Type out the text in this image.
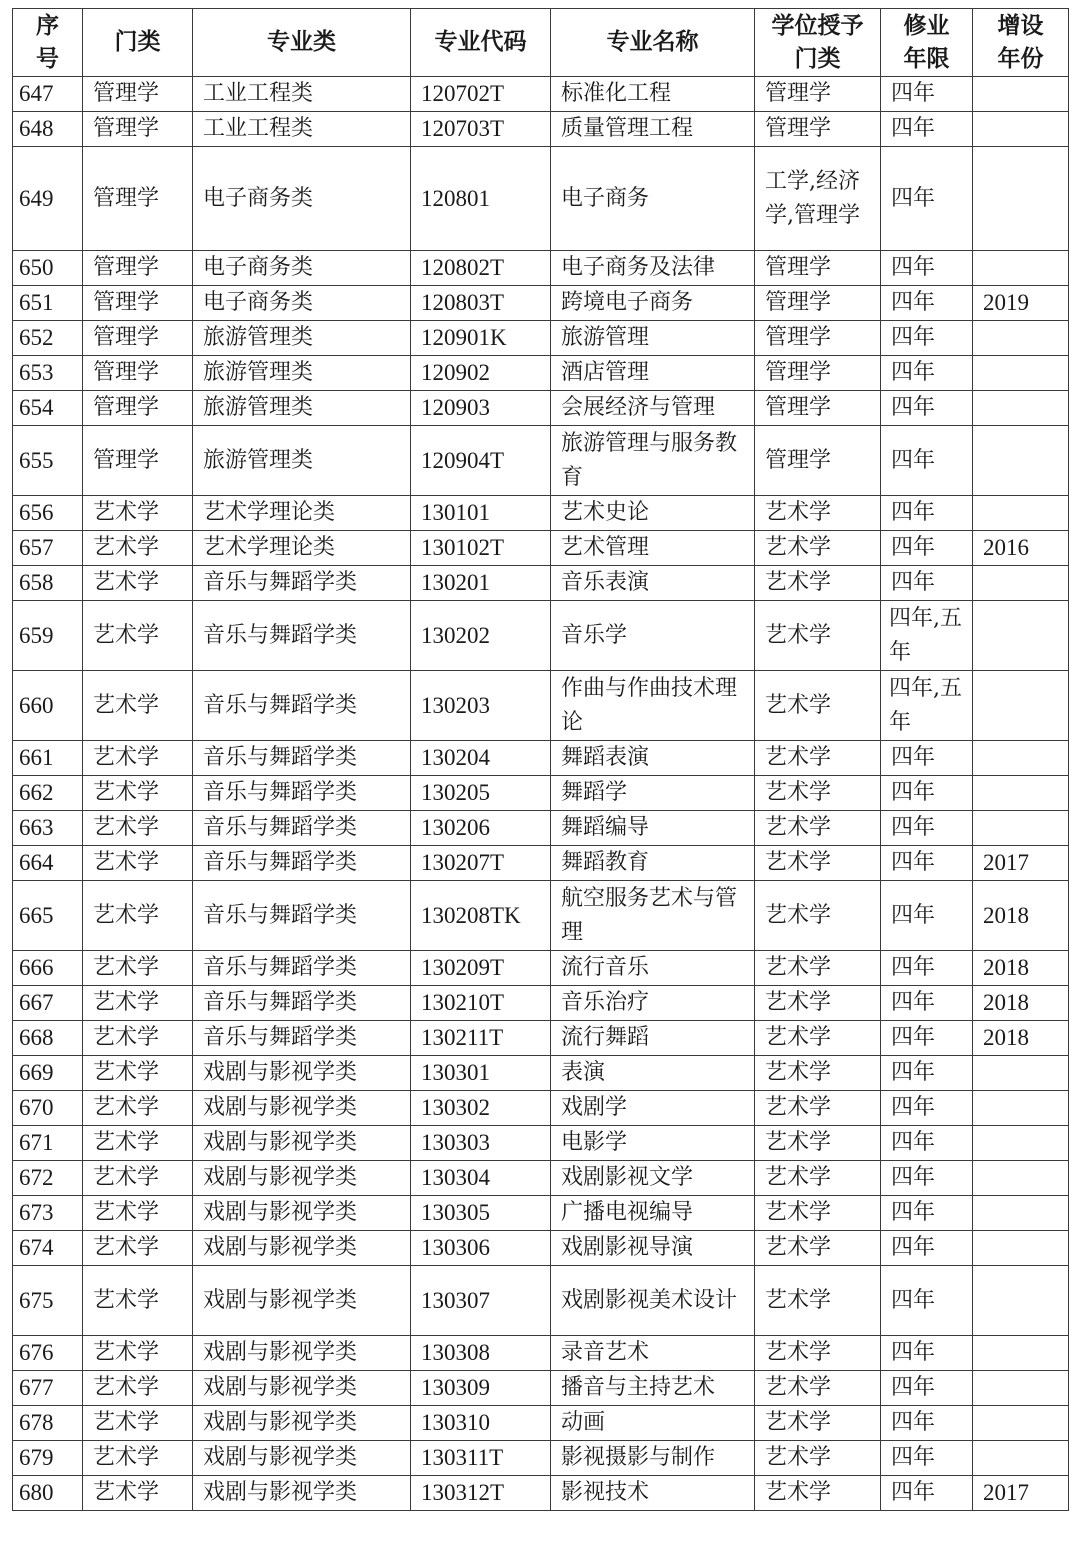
序号	门类	专业类	专业代码	专业名称	学位授予门类	修业年限	增设年份
647	管理学	工业工程类	120702T	标准化工程	管理学	四年	
648	管理学	工业工程类	120703T	质量管理工程	管理学	四年	
649	管理学	电子商务类	120801	电子商务	工学,经济学,管理学	四年	
650	管理学	电子商务类	120802T	电子商务及法律	管理学	四年	
651	管理学	电子商务类	120803T	跨境电子商务	管理学	四年	2019
652	管理学	旅游管理类	120901K	旅游管理	管理学	四年	
653	管理学	旅游管理类	120902	酒店管理	管理学	四年	
654	管理学	旅游管理类	120903	会展经济与管理	管理学	四年	
655	管理学	旅游管理类	120904T	旅游管理与服务教育	管理学	四年	
656	艺术学	艺术学理论类	130101	艺术史论	艺术学	四年	
657	艺术学	艺术学理论类	130102T	艺术管理	艺术学	四年	2016
658	艺术学	音乐与舞蹈学类	130201	音乐表演	艺术学	四年	
659	艺术学	音乐与舞蹈学类	130202	音乐学	艺术学	四年,五年	
660	艺术学	音乐与舞蹈学类	130203	作曲与作曲技术理论	艺术学	四年,五年	
661	艺术学	音乐与舞蹈学类	130204	舞蹈表演	艺术学	四年	
662	艺术学	音乐与舞蹈学类	130205	舞蹈学	艺术学	四年	
663	艺术学	音乐与舞蹈学类	130206	舞蹈编导	艺术学	四年	
664	艺术学	音乐与舞蹈学类	130207T	舞蹈教育	艺术学	四年	2017
665	艺术学	音乐与舞蹈学类	130208TK	航空服务艺术与管理	艺术学	四年	2018
666	艺术学	音乐与舞蹈学类	130209T	流行音乐	艺术学	四年	2018
667	艺术学	音乐与舞蹈学类	130210T	音乐治疗	艺术学	四年	2018
668	艺术学	音乐与舞蹈学类	130211T	流行舞蹈	艺术学	四年	2018
669	艺术学	戏剧与影视学类	130301	表演	艺术学	四年	
670	艺术学	戏剧与影视学类	130302	戏剧学	艺术学	四年	
671	艺术学	戏剧与影视学类	130303	电影学	艺术学	四年	
672	艺术学	戏剧与影视学类	130304	戏剧影视文学	艺术学	四年	
673	艺术学	戏剧与影视学类	130305	广播电视编导	艺术学	四年	
674	艺术学	戏剧与影视学类	130306	戏剧影视导演	艺术学	四年	
675	艺术学	戏剧与影视学类	130307	戏剧影视美术设计	艺术学	四年	
676	艺术学	戏剧与影视学类	130308	录音艺术	艺术学	四年	
677	艺术学	戏剧与影视学类	130309	播音与主持艺术	艺术学	四年	
678	艺术学	戏剧与影视学类	130310	动画	艺术学	四年	
679	艺术学	戏剧与影视学类	130311T	影视摄影与制作	艺术学	四年	
680	艺术学	戏剧与影视学类	130312T	影视技术	艺术学	四年	2017
